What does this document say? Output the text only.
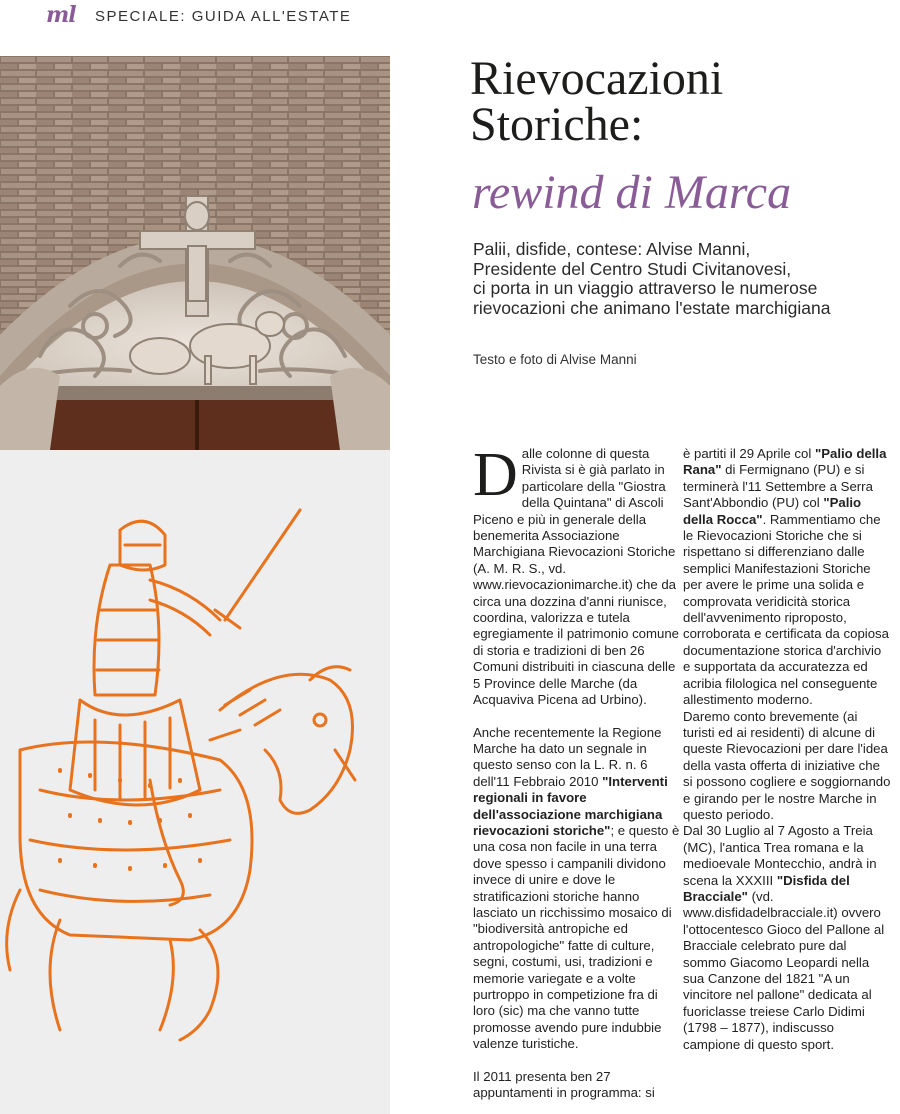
ml SPECIALE: GUIDA ALL'ESTATE
Rievocazioni
Storiche:
rewind di Marca
Palii, disfide, contese: Alvise Manni,
Presidente del Centro Studi Civitanovesi,
ci porta in un viaggio attraverso le numerose
rievocazioni che animano l'estate marchigiana
Testo e foto di Alvise Manni

Dalle colonne di questa Rivista si è già parlato in particolare della "Giostra della Quintana" di Ascoli Piceno e più in generale della benemerita Associazione Marchigiana Rievocazioni Storiche (A. M. R. S., vd. www.rievocazionimarche.it) che da circa una dozzina d'anni riunisce, coordina, valorizza e tutela egregiamente il patrimonio comune di storia e tradizioni di ben 26 Comuni distribuiti in ciascuna delle 5 Province delle Marche (da Acquaviva Picena ad Urbino).

Anche recentemente la Regione Marche ha dato un segnale in questo senso con la L. R. n. 6 dell'11 Febbraio 2010 "Interventi regionali in favore dell'associazione marchigiana rievocazioni storiche"; e questo è una cosa non facile in una terra dove spesso i campanili dividono invece di unire e dove le stratificazioni storiche hanno lasciato un ricchissimo mosaico di "biodiversità antropiche ed antropologiche" fatte di culture, segni, costumi, usi, tradizioni e memorie variegate e a volte purtroppo in competizione fra di loro (sic) ma che vanno tutte promosse avendo pure indubbie valenze turistiche.

Il 2011 presenta ben 27 appuntamenti in programma: si

è partiti il 29 Aprile col "Palio della Rana" di Fermignano (PU) e si terminerà l'11 Settembre a Serra Sant'Abbondio (PU) col "Palio della Rocca". Rammentiamo che le Rievocazioni Storiche che si rispettano si differenziano dalle semplici Manifestazioni Storiche per avere le prime una solida e comprovata veridicità storica dell'avvenimento riproposto, corroborata e certificata da copiosa documentazione storica d'archivio e supportata da accuratezza ed acribia filologica nel conseguente allestimento moderno.

Daremo conto brevemente (ai turisti ed ai residenti) di alcune di queste Rievocazioni per dare l'idea della vasta offerta di iniziative che si possono cogliere e soggiornando e girando per le nostre Marche in questo periodo.

Dal 30 Luglio al 7 Agosto a Treia (MC), l'antica Trea romana e la medioevale Montecchio, andrà in scena la XXXIII "Disfida del Bracciale" (vd. www.disfidadelbracciale.it) ovvero l'ottocentesco Gioco del Pallone al Bracciale celebrato pure dal sommo Giacomo Leopardi nella sua Canzone del 1821 "A un vincitore nel pallone" dedicata al fuoriclasse treiese Carlo Didimi (1798 – 1877), indiscusso campione di questo sport.
